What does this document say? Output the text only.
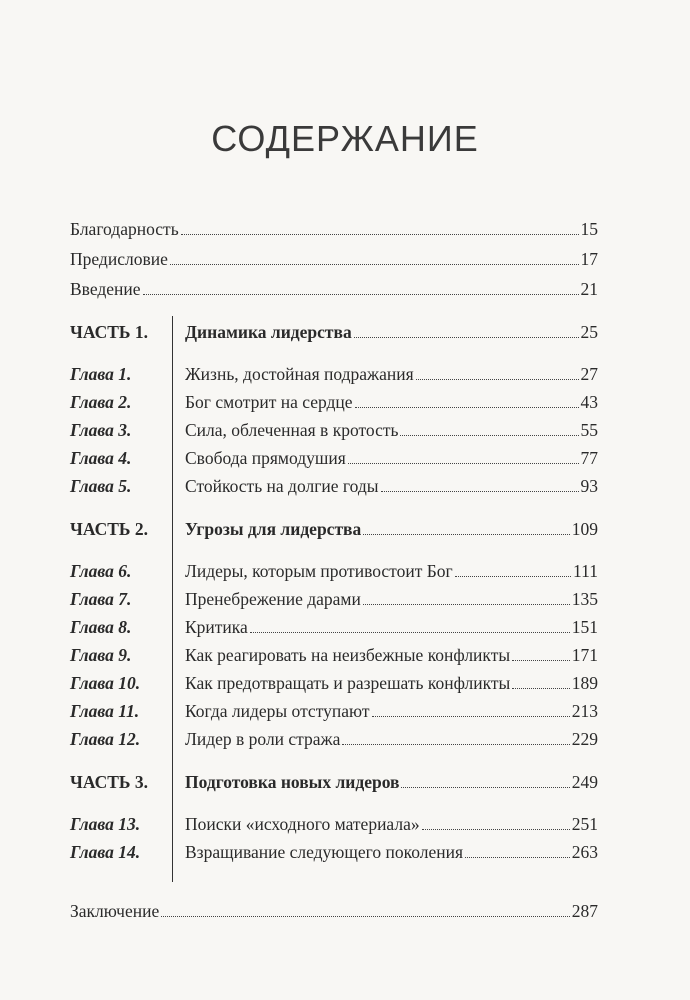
СОДЕРЖАНИЕ
Благодарность	15
Предисловие	17
Введение	21
ЧАСТЬ 1. Динамика лидерства	25
Глава 1.	Жизнь, достойная подражания	27
Глава 2.	Бог смотрит на сердце	43
Глава 3.	Сила, облеченная в кротость	55
Глава 4.	Свобода прямодушия	77
Глава 5.	Стойкость на долгие годы	93
ЧАСТЬ 2. Угрозы для лидерства	109
Глава 6.	Лидеры, которым противостоит Бог	111
Глава 7.	Пренебрежение дарами	135
Глава 8.	Критика	151
Глава 9.	Как реагировать на неизбежные конфликты	171
Глава 10.	Как предотвращать и разрешать конфликты	189
Глава 11.	Когда лидеры отступают	213
Глава 12.	Лидер в роли стража	229
ЧАСТЬ 3. Подготовка новых лидеров	249
Глава 13.	Поиски «исходного материала»	251
Глава 14.	Взращивание следующего поколения	263
Заключение	287
